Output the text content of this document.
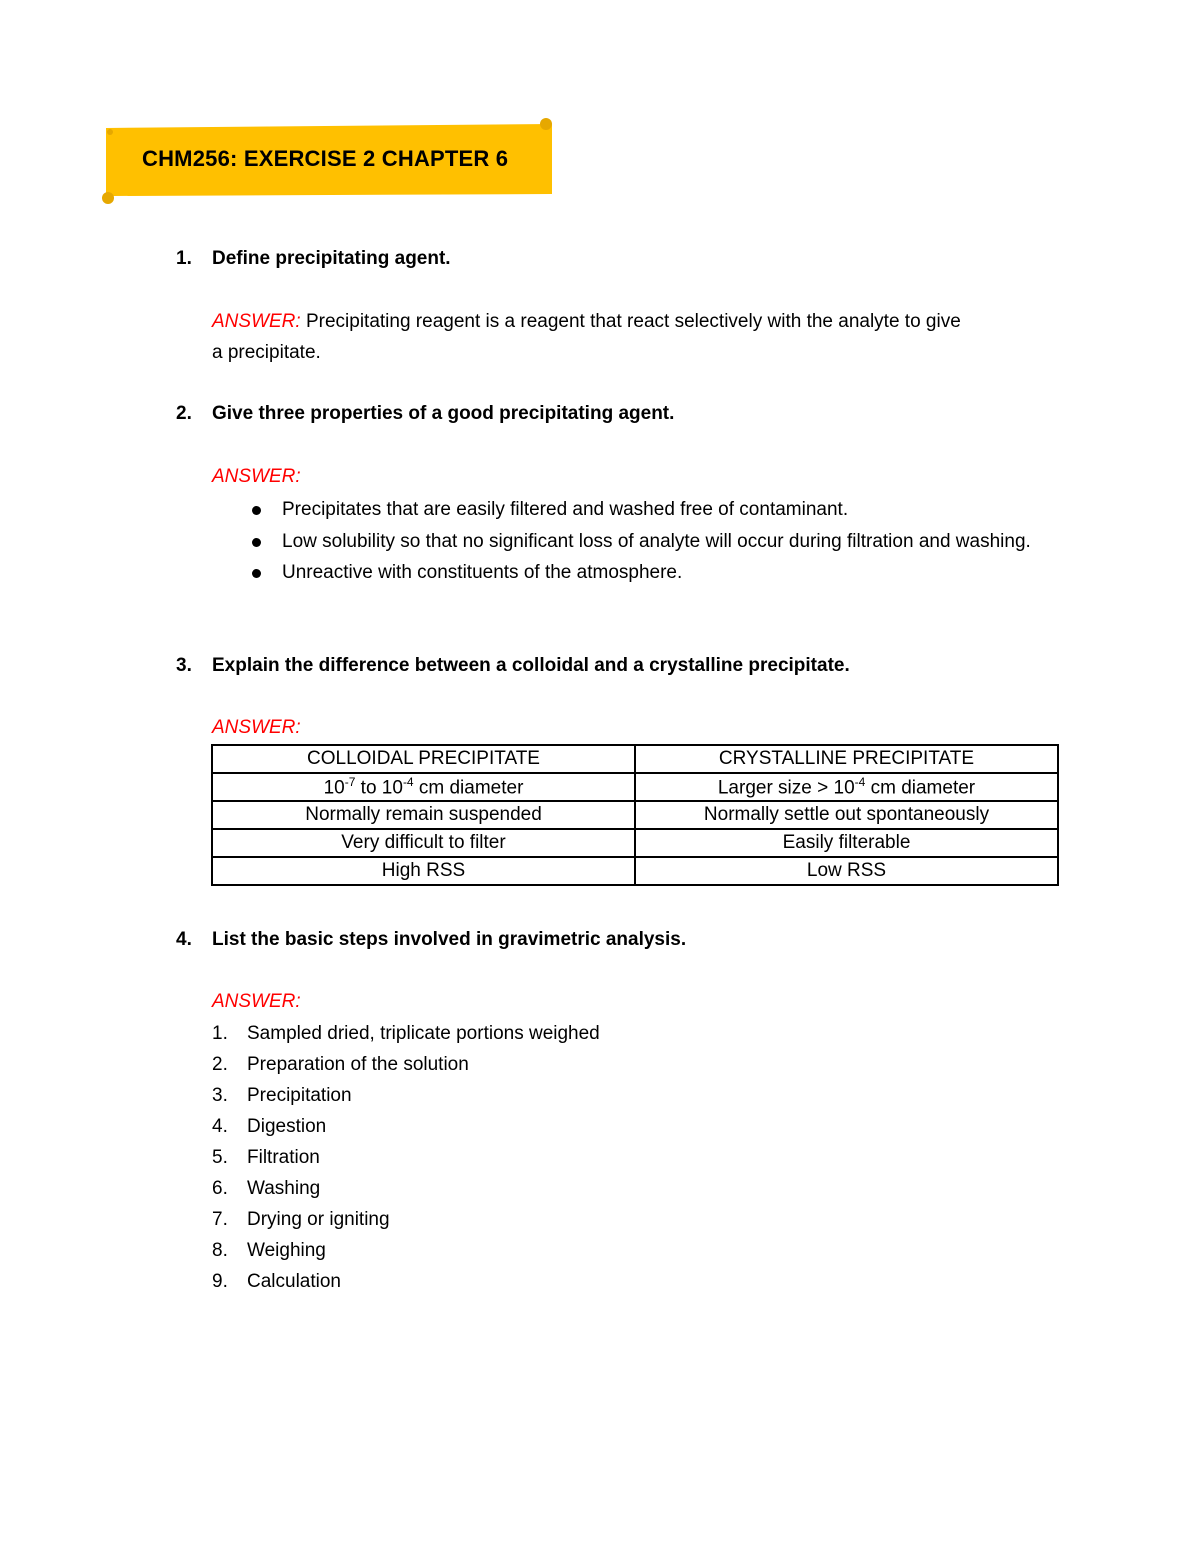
CHM256: EXERCISE 2 CHAPTER 6
1. Define precipitating agent.
ANSWER: Precipitating reagent is a reagent that react selectively with the analyte to give
a precipitate.
2. Give three properties of a good precipitating agent.
ANSWER:
Precipitates that are easily filtered and washed free of contaminant.
Low solubility so that no significant loss of analyte will occur during filtration and washing.
Unreactive with constituents of the atmosphere.
3. Explain the difference between a colloidal and a crystalline precipitate.
ANSWER:
COLLOIDAL PRECIPITATE	CRYSTALLINE PRECIPITATE
$10^{-7}$ to $10^{-4}$ cm diameter	Larger size > $10^{-4}$ cm diameter
Normally remain suspended	Normally settle out spontaneously
Very difficult to filter	Easily filterable
High RSS	Low RSS
4. List the basic steps involved in gravimetric analysis.
ANSWER:
1. Sampled dried, triplicate portions weighed
2. Preparation of the solution
3. Precipitation
4. Digestion
5. Filtration
6. Washing
7. Drying or igniting
8. Weighing
9. Calculation
